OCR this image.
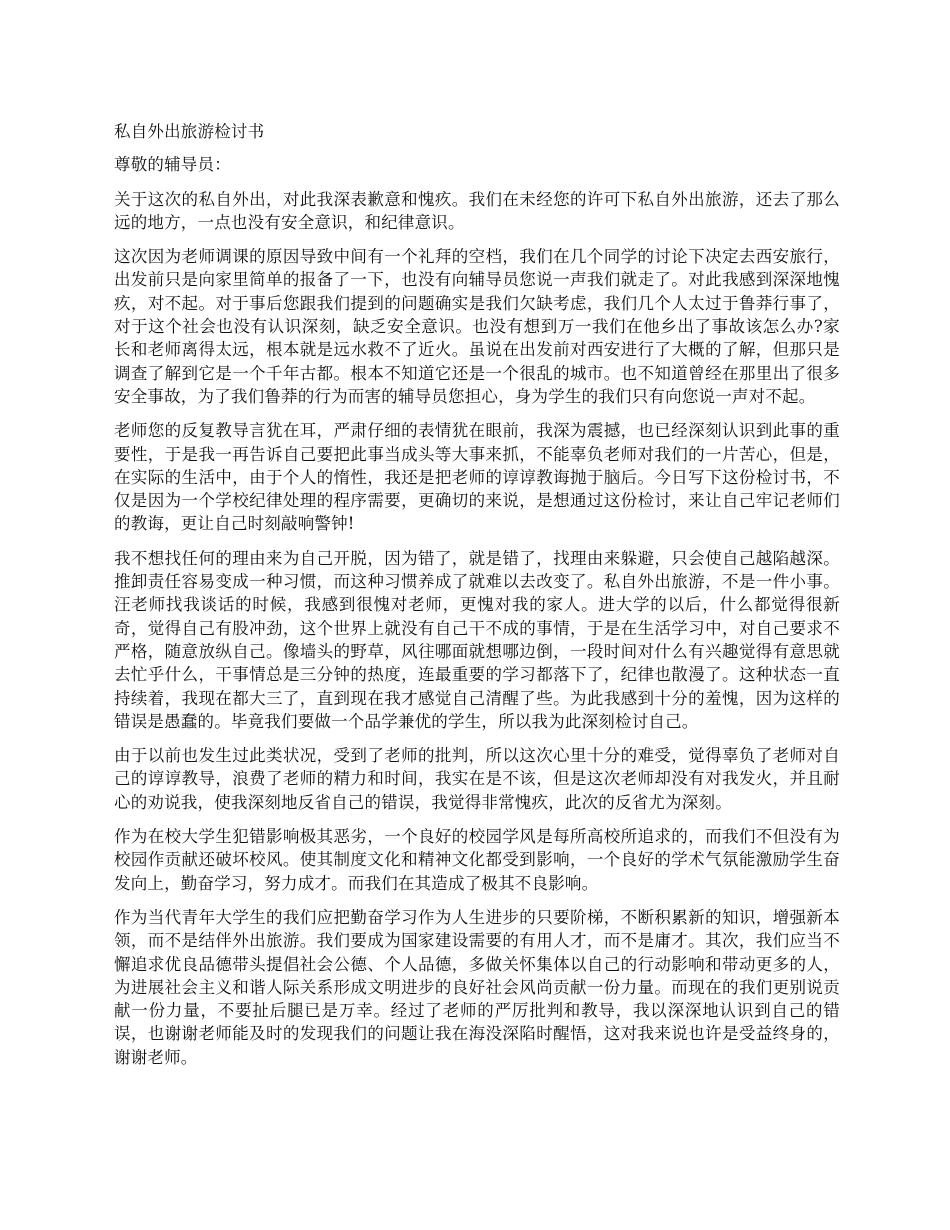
私自外出旅游检讨书
尊敬的辅导员：

关于这次的私自外出，对此我深表歉意和愧疚。我们在未经您的许可下私自外出旅游，还去了那么远的地方，一点也没有安全意识，和纪律意识。

这次因为老师调课的原因导致中间有一个礼拜的空档，我们在几个同学的讨论下决定去西安旅行，出发前只是向家里简单的报备了一下，也没有向辅导员您说一声我们就走了。对此我感到深深地愧疚，对不起。对于事后您跟我们提到的问题确实是我们欠缺考虑，我们几个人太过于鲁莽行事了，对于这个社会也没有认识深刻，缺乏安全意识。也没有想到万一我们在他乡出了事故该怎么办?家长和老师离得太远，根本就是远水救不了近火。虽说在出发前对西安进行了大概的了解，但那只是调查了解到它是一个千年古都。根本不知道它还是一个很乱的城市。也不知道曾经在那里出了很多安全事故，为了我们鲁莽的行为而害的辅导员您担心，身为学生的我们只有向您说一声对不起。

老师您的反复教导言犹在耳，严肃仔细的表情犹在眼前，我深为震撼，也已经深刻认识到此事的重要性，于是我一再告诉自己要把此事当成头等大事来抓，不能辜负老师对我们的一片苦心，但是，在实际的生活中，由于个人的惰性，我还是把老师的谆谆教诲抛于脑后。今日写下这份检讨书，不仅是因为一个学校纪律处理的程序需要，更确切的来说，是想通过这份检讨，来让自己牢记老师们的教诲，更让自己时刻敲响警钟!

我不想找任何的理由来为自己开脱，因为错了，就是错了，找理由来躲避，只会使自己越陷越深。推卸责任容易变成一种习惯，而这种习惯养成了就难以去改变了。私自外出旅游，不是一件小事。汪老师找我谈话的时候，我感到很愧对老师，更愧对我的家人。进大学的以后，什么都觉得很新奇，觉得自己有股冲劲，这个世界上就没有自己干不成的事情，于是在生活学习中，对自己要求不严格，随意放纵自己。像墙头的野草，风往哪面就想哪边倒，一段时间对什么有兴趣觉得有意思就去忙乎什么，干事情总是三分钟的热度，连最重要的学习都落下了，纪律也散漫了。这种状态一直持续着，我现在都大三了，直到现在我才感觉自己清醒了些。为此我感到十分的羞愧，因为这样的错误是愚蠢的。毕竟我们要做一个品学兼优的学生，所以我为此深刻检讨自己。

由于以前也发生过此类状况，受到了老师的批判，所以这次心里十分的难受，觉得辜负了老师对自己的谆谆教导，浪费了老师的精力和时间，我实在是不该，但是这次老师却没有对我发火，并且耐心的劝说我，使我深刻地反省自己的错误，我觉得非常愧疚，此次的反省尤为深刻。

作为在校大学生犯错影响极其恶劣，一个良好的校园学风是每所高校所追求的，而我们不但没有为校园作贡献还破坏校风。使其制度文化和精神文化都受到影响，一个良好的学术气氛能激励学生奋发向上，勤奋学习，努力成才。而我们在其造成了极其不良影响。

作为当代青年大学生的我们应把勤奋学习作为人生进步的只要阶梯，不断积累新的知识，增强新本领，而不是结伴外出旅游。我们要成为国家建设需要的有用人才，而不是庸才。其次，我们应当不懈追求优良品德带头提倡社会公德、个人品德，多做关怀集体以自己的行动影响和带动更多的人，为进展社会主义和谐人际关系形成文明进步的良好社会风尚贡献一份力量。而现在的我们更别说贡献一份力量，不要扯后腿已是万幸。经过了老师的严厉批判和教导，我以深深地认识到自己的错误，也谢谢老师能及时的发现我们的问题让我在海没深陷时醒悟，这对我来说也许是受益终身的，谢谢老师。
